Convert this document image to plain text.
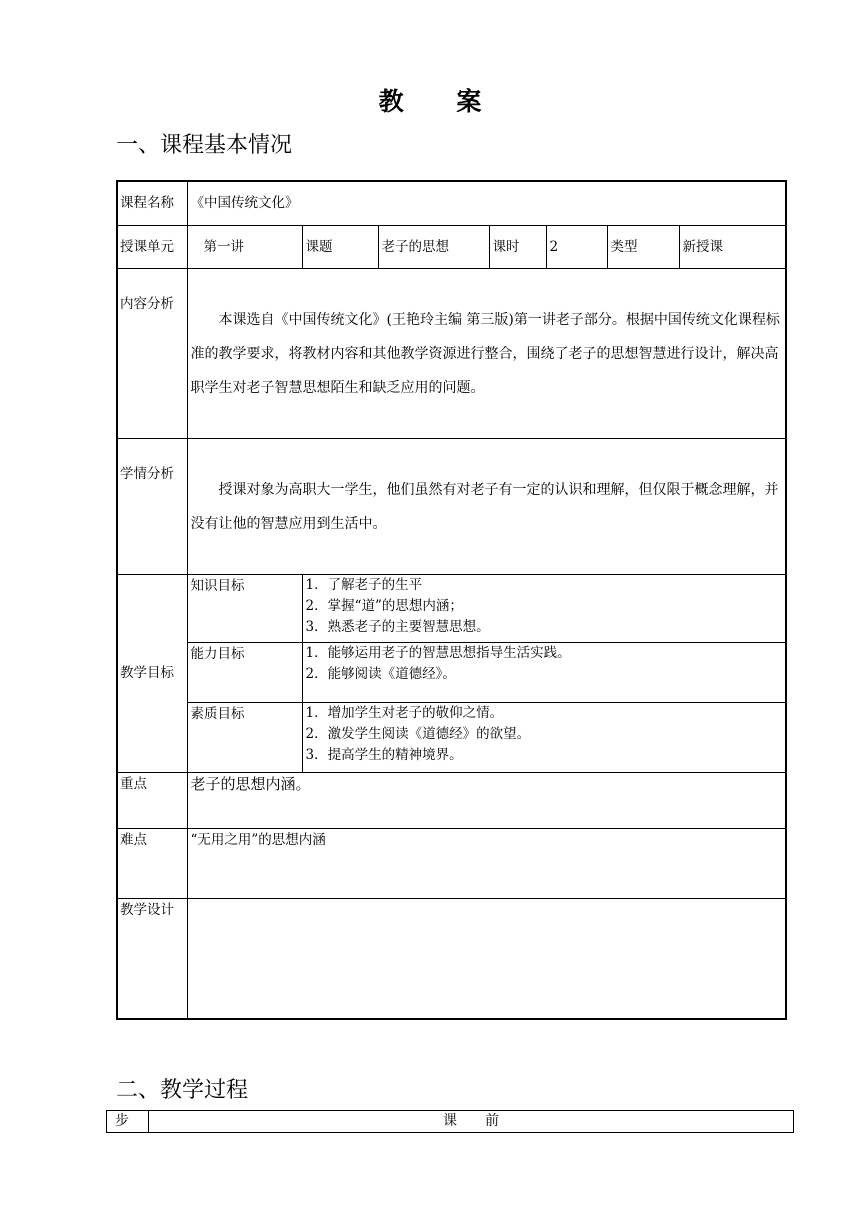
教 案
一、课程基本情况
课程名称	《中国传统文化》						
授课单元	第一讲	课题	老子的思想	课时	2	类型	新授课
内容分析	本课选自《中国传统文化》(王艳玲主编 第三版)第一讲老子部分。根据中国传统文化课程标准的教学要求，将教材内容和其他教学资源进行整合，围绕了老子的思想智慧进行设计，解决高职学生对老子智慧思想陌生和缺乏应用的问题。						

学情分析	授课对象为高职大一学生，他们虽然有对老子有一定的认识和理解，但仅限于概念理解，并没有让他的智慧应用到生活中。						

教学目标	知识目标	1．了解老子的生平
2．掌握“道”的思想内涵；
3．熟悉老子的主要智慧思想。					

	能力目标	1．能够运用老子的智慧思想指导生活实践。
2．能够阅读《道德经》。					

	素质目标	1．增加学生对老子的敬仰之情。
2．激发学生阅读《道德经》的欲望。
3．提高学生的精神境界。					

重点	老子的思想内涵。						
难点	“无用之用”的思想内涵						
教学设计							
二、教学过程
步	课　　前
